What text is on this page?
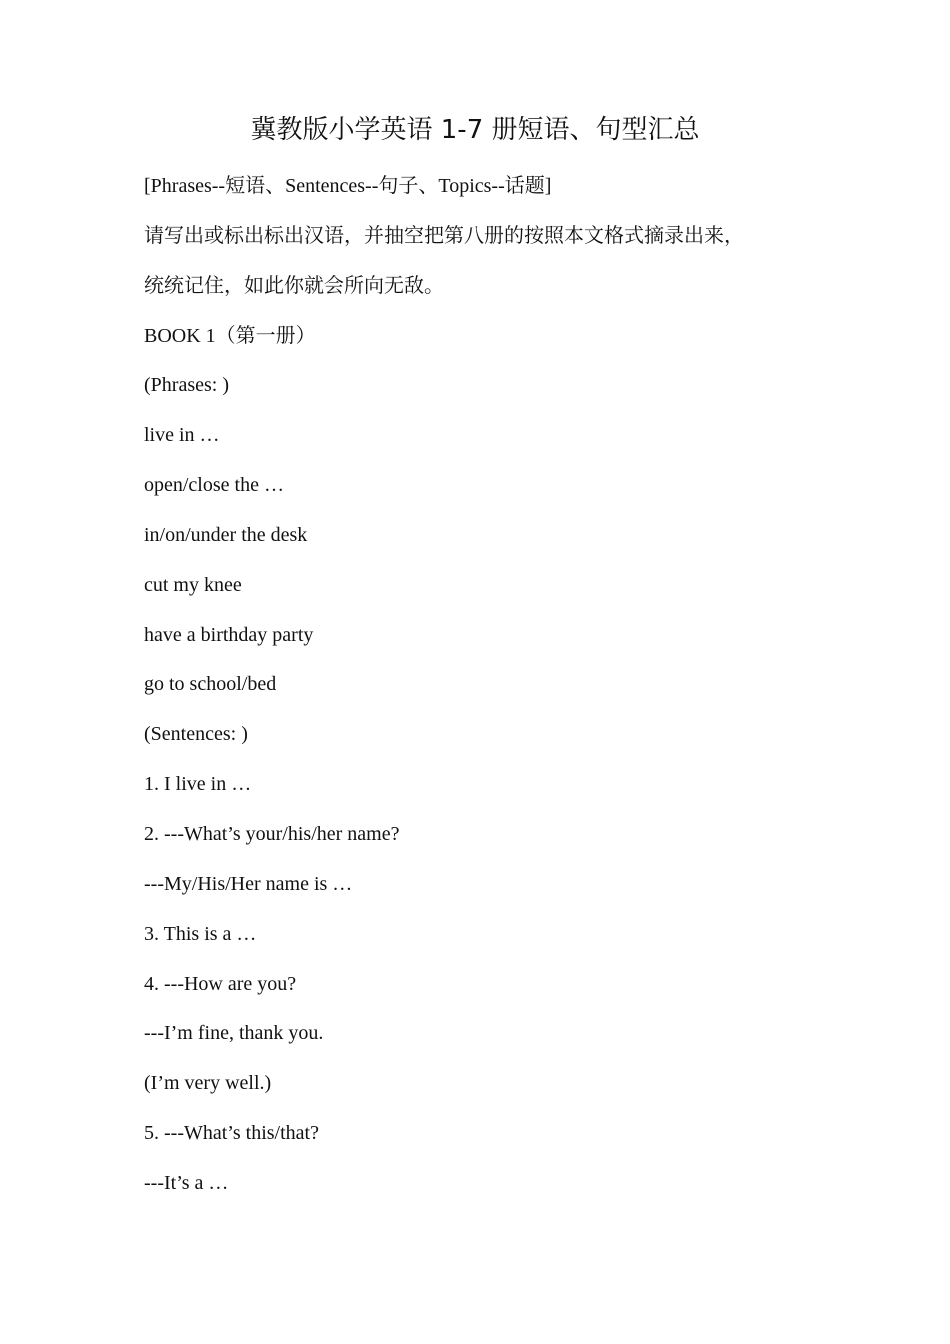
冀教版小学英语 1-7 册短语、句型汇总
[Phrases--短语、Sentences--句子、Topics--话题]
请写出或标出标出汉语，并抽空把第八册的按照本文格式摘录出来，
统统记住，如此你就会所向无敌。
BOOK 1（第一册）
(Phrases: )
live in …
open/close the …
in/on/under the desk
cut my knee
have a birthday party
go to school/bed
(Sentences: )
1. I live in …
2. ---What’s your/his/her name?
---My/His/Her name is …
3. This is a …
4. ---How are you?
---I’m fine, thank you.
(I’m very well.)
5. ---What’s this/that?
---It’s a …
